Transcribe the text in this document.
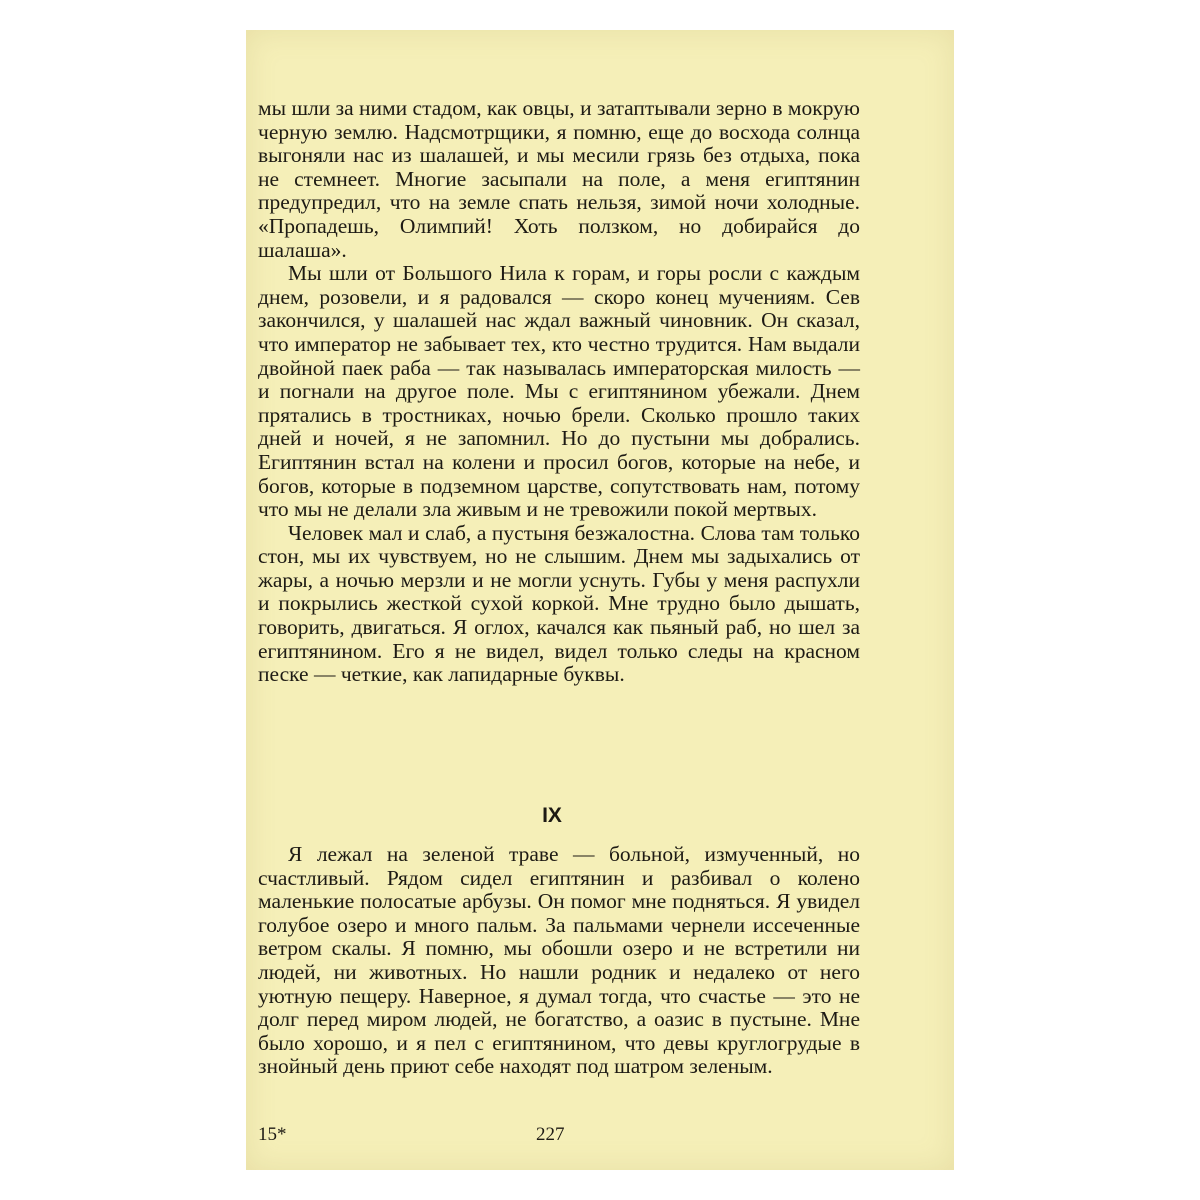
мы шли за ними стадом, как овцы, и затаптывали зерно в мокрую черную землю. Надсмотрщики, я помню, еще до восхода солнца выгоняли нас из шалашей, и мы месили грязь без отдыха, пока не стемнеет. Многие засыпали на поле, а меня египтянин предупредил, что на земле спать нельзя, зимой ночи холодные. «Пропадешь, Олимпий! Хоть ползком, но добирайся до шалаша».

Мы шли от Большого Нила к горам, и горы росли с каждым днем, розовели, и я радовался — скоро конец мучениям. Сев закончился, у шалашей нас ждал важный чиновник. Он сказал, что император не забывает тех, кто честно трудится. Нам выдали двойной паек раба — так называлась императорская милость — и погнали на другое поле. Мы с египтянином убежали. Днем прятались в тростниках, ночью брели. Сколько прошло таких дней и ночей, я не запомнил. Но до пустыни мы добрались. Египтянин встал на колени и просил богов, которые на небе, и богов, которые в подземном царстве, сопутствовать нам, потому что мы не делали зла живым и не тревожили покой мертвых.

Человек мал и слаб, а пустыня безжалостна. Слова там только стон, мы их чувствуем, но не слышим. Днем мы задыхались от жары, а ночью мерзли и не могли уснуть. Губы у меня распухли и покрылись жесткой сухой коркой. Мне трудно было дышать, говорить, двигаться. Я оглох, качался как пьяный раб, но шел за египтянином. Его я не видел, видел только следы на красном песке — четкие, как лапидарные буквы.

IX

Я лежал на зеленой траве — больной, измученный, но счастливый. Рядом сидел египтянин и разбивал о колено маленькие полосатые арбузы. Он помог мне подняться. Я увидел голубое озеро и много пальм. За пальмами чернели иссеченные ветром скалы. Я помню, мы обошли озеро и не встретили ни людей, ни животных. Но нашли родник и недалеко от него уютную пещеру. Наверное, я думал тогда, что счастье — это не долг перед миром людей, не богатство, а оазис в пустыне. Мне было хорошо, и я пел с египтянином, что девы круглогрудые в знойный день приют себе находят под шатром зеленым.

15*	227
